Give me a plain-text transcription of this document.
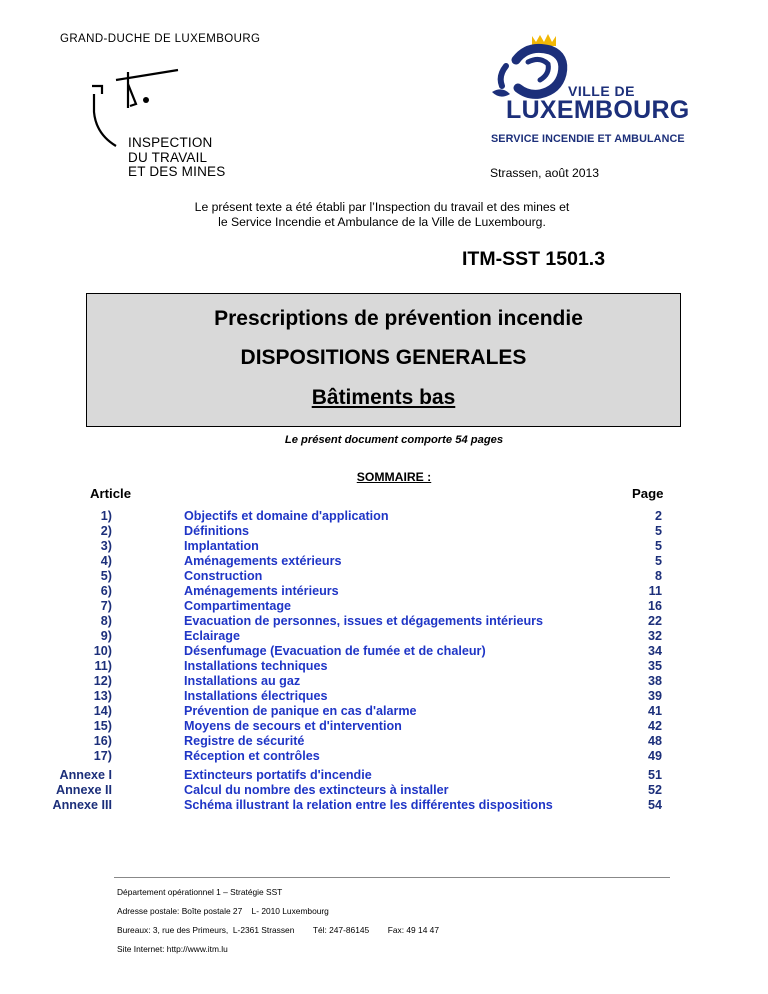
GRAND-DUCHE DE LUXEMBOURG
INSPECTION
DU TRAVAIL
ET DES MINES
VILLE DE
LUXEMBOURG
SERVICE INCENDIE ET AMBULANCE
Strassen, août 2013
Le présent texte a été établi par l’Inspection du travail et des mines et
le Service Incendie et Ambulance de la Ville de Luxembourg.
ITM-SST 1501.3
Prescriptions de prévention incendie
DISPOSITIONS GENERALES
Bâtiments bas
Le présent document comporte 54 pages
SOMMAIRE :
Article	Page
1)	Objectifs et domaine d'application	2
2)	Définitions	5
3)	Implantation	5
4)	Aménagements extérieurs	5
5)	Construction	8
6)	Aménagements intérieurs	11
7)	Compartimentage	16
8)	Evacuation de personnes, issues et dégagements intérieurs	22
9)	Eclairage	32
10)	Désenfumage (Evacuation de fumée et de chaleur)	34
11)	Installations techniques	35
12)	Installations au gaz	38
13)	Installations électriques	39
14)	Prévention de panique en cas d'alarme	41
15)	Moyens de secours et d'intervention	42
16)	Registre de sécurité	48
17)	Réception et contrôles	49
Annexe I	Extincteurs portatifs d'incendie	51
Annexe II	Calcul du nombre des extincteurs à installer	52
Annexe III	Schéma illustrant la relation entre les différentes dispositions	54
Département opérationnel 1 – Stratégie SST
Adresse postale: Boîte postale 27    L- 2010 Luxembourg
Bureaux: 3, rue des Primeurs,  L-2361 Strassen        Tél: 247-86145        Fax: 49 14 47
Site Internet: http://www.itm.lu
